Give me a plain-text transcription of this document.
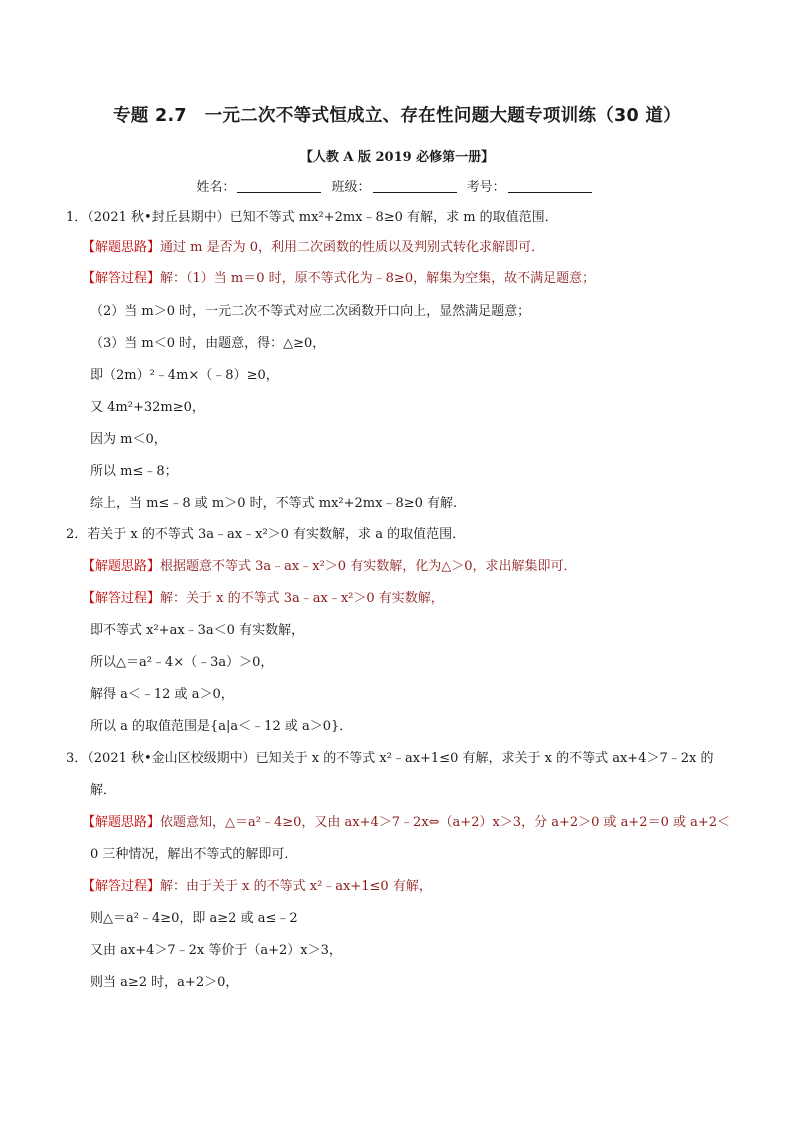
专题 2.7　一元二次不等式恒成立、存在性问题大题专项训练（30 道）
【人教 A 版 2019 必修第一册】
姓名：	班级：	考号：
1．（2021 秋•封丘县期中）已知不等式 mx²+2mx﹣8≥0 有解，求 m 的取值范围．
【解题思路】通过 m 是否为 0，利用二次函数的性质以及判别式转化求解即可．
【解答过程】解：（1）当 m＝0 时，原不等式化为﹣8≥0，解集为空集，故不满足题意；
（2）当 m＞0 时，一元二次不等式对应二次函数开口向上，显然满足题意；
（3）当 m＜0 时，由题意，得：△≥0，
即（2m）²﹣4m×（﹣8）≥0，
又 4m²+32m≥0，
因为 m＜0，
所以 m≤﹣8；
综上，当 m≤﹣8 或 m＞0 时，不等式 mx²+2mx﹣8≥0 有解.
2．若关于 x 的不等式 3a﹣ax﹣x²＞0 有实数解，求 a 的取值范围．
【解题思路】根据题意不等式 3a﹣ax﹣x²＞0 有实数解，化为△＞0，求出解集即可．
【解答过程】解：关于 x 的不等式 3a﹣ax﹣x²＞0 有实数解，
即不等式 x²+ax﹣3a＜0 有实数解，
所以△＝a²﹣4×（﹣3a）＞0，
解得 a＜﹣12 或 a＞0，
所以 a 的取值范围是{a|a＜﹣12 或 a＞0}．
3．（2021 秋•金山区校级期中）已知关于 x 的不等式 x²﹣ax+1≤0 有解，求关于 x 的不等式 ax+4＞7﹣2x 的
解．
【解题思路】依题意知，△＝a²﹣4≥0，又由 ax+4＞7﹣2x⇔（a+2）x＞3，分 a+2＞0 或 a+2＝0 或 a+2＜
0 三种情况，解出不等式的解即可．
【解答过程】解：由于关于 x 的不等式 x²﹣ax+1≤0 有解，
则△＝a²﹣4≥0，即 a≥2 或 a≤﹣2
又由 ax+4＞7﹣2x 等价于（a+2）x＞3，
则当 a≥2 时，a+2＞0，
